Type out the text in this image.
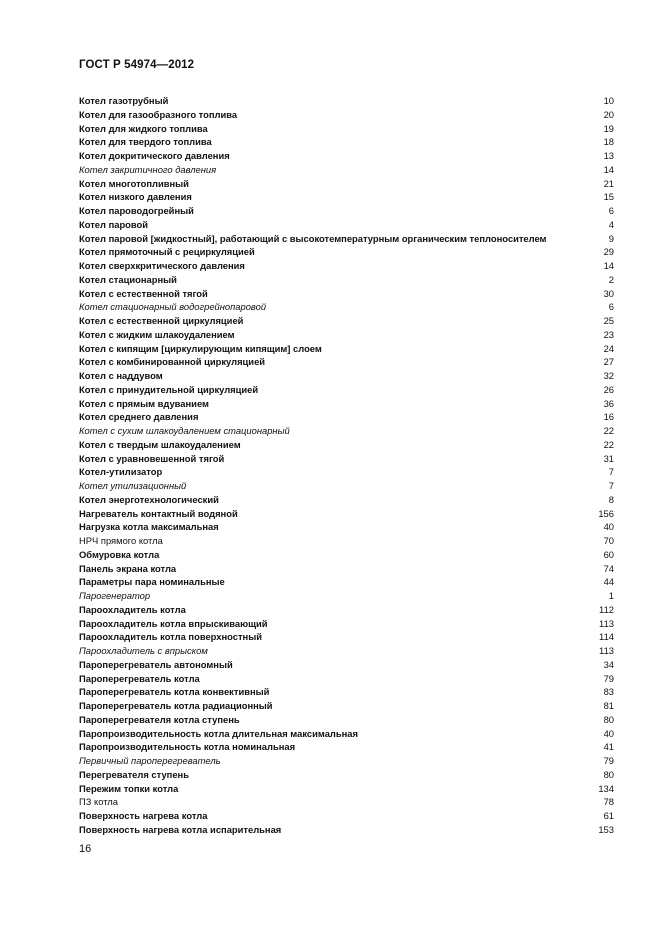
ГОСТ Р 54974—2012
Котел газотрубный	10
Котел для газообразного топлива	20
Котел для жидкого топлива	19
Котел для твердого топлива	18
Котел докритического давления	13
Котел закритичного давления	14
Котел многотопливный	21
Котел низкого давления	15
Котел пароводогрейный	6
Котел паровой	4
Котел паровой [жидкостный], работающий с высокотемпературным органическим теплоносителем	9
Котел прямоточный с рециркуляцией	29
Котел сверхкритического давления	14
Котел стационарный	2
Котел с естественной тягой	30
Котел стационарный водогрейнопаровой	6
Котел с естественной циркуляцией	25
Котел с жидким шлакоудалением	23
Котел с кипящим [циркулирующим кипящим] слоем	24
Котел с комбинированной циркуляцией	27
Котел с наддувом	32
Котел с принудительной циркуляцией	26
Котел с прямым вдуванием	36
Котел среднего давления	16
Котел с сухим шлакоудалением стационарный	22
Котел с твердым шлакоудалением	22
Котел с уравновешенной тягой	31
Котел-утилизатор	7
Котел утилизационный	7
Котел энерготехнологический	8
Нагреватель контактный водяной	156
Нагрузка котла максимальная	40
НРЧ прямого котла	70
Обмуровка котла	60
Панель экрана котла	74
Параметры пара номинальные	44
Парогенератор	1
Пароохладитель котла	112
Пароохладитель котла впрыскивающий	113
Пароохладитель котла поверхностный	114
Пароохладитель с впрыском	113
Пароперегреватель автономный	34
Пароперегреватель котла	79
Пароперегреватель котла конвективный	83
Пароперегреватель котла радиационный	81
Пароперегревателя котла ступень	80
Паропроизводительность котла длительная максимальная	40
Паропроизводительность котла номинальная	41
Первичный пароперегреватель	79
Перегревателя ступень	80
Пережим топки котла	134
ПЗ котла	78
Поверхность нагрева котла	61
Поверхность нагрева котла испарительная	153
16
